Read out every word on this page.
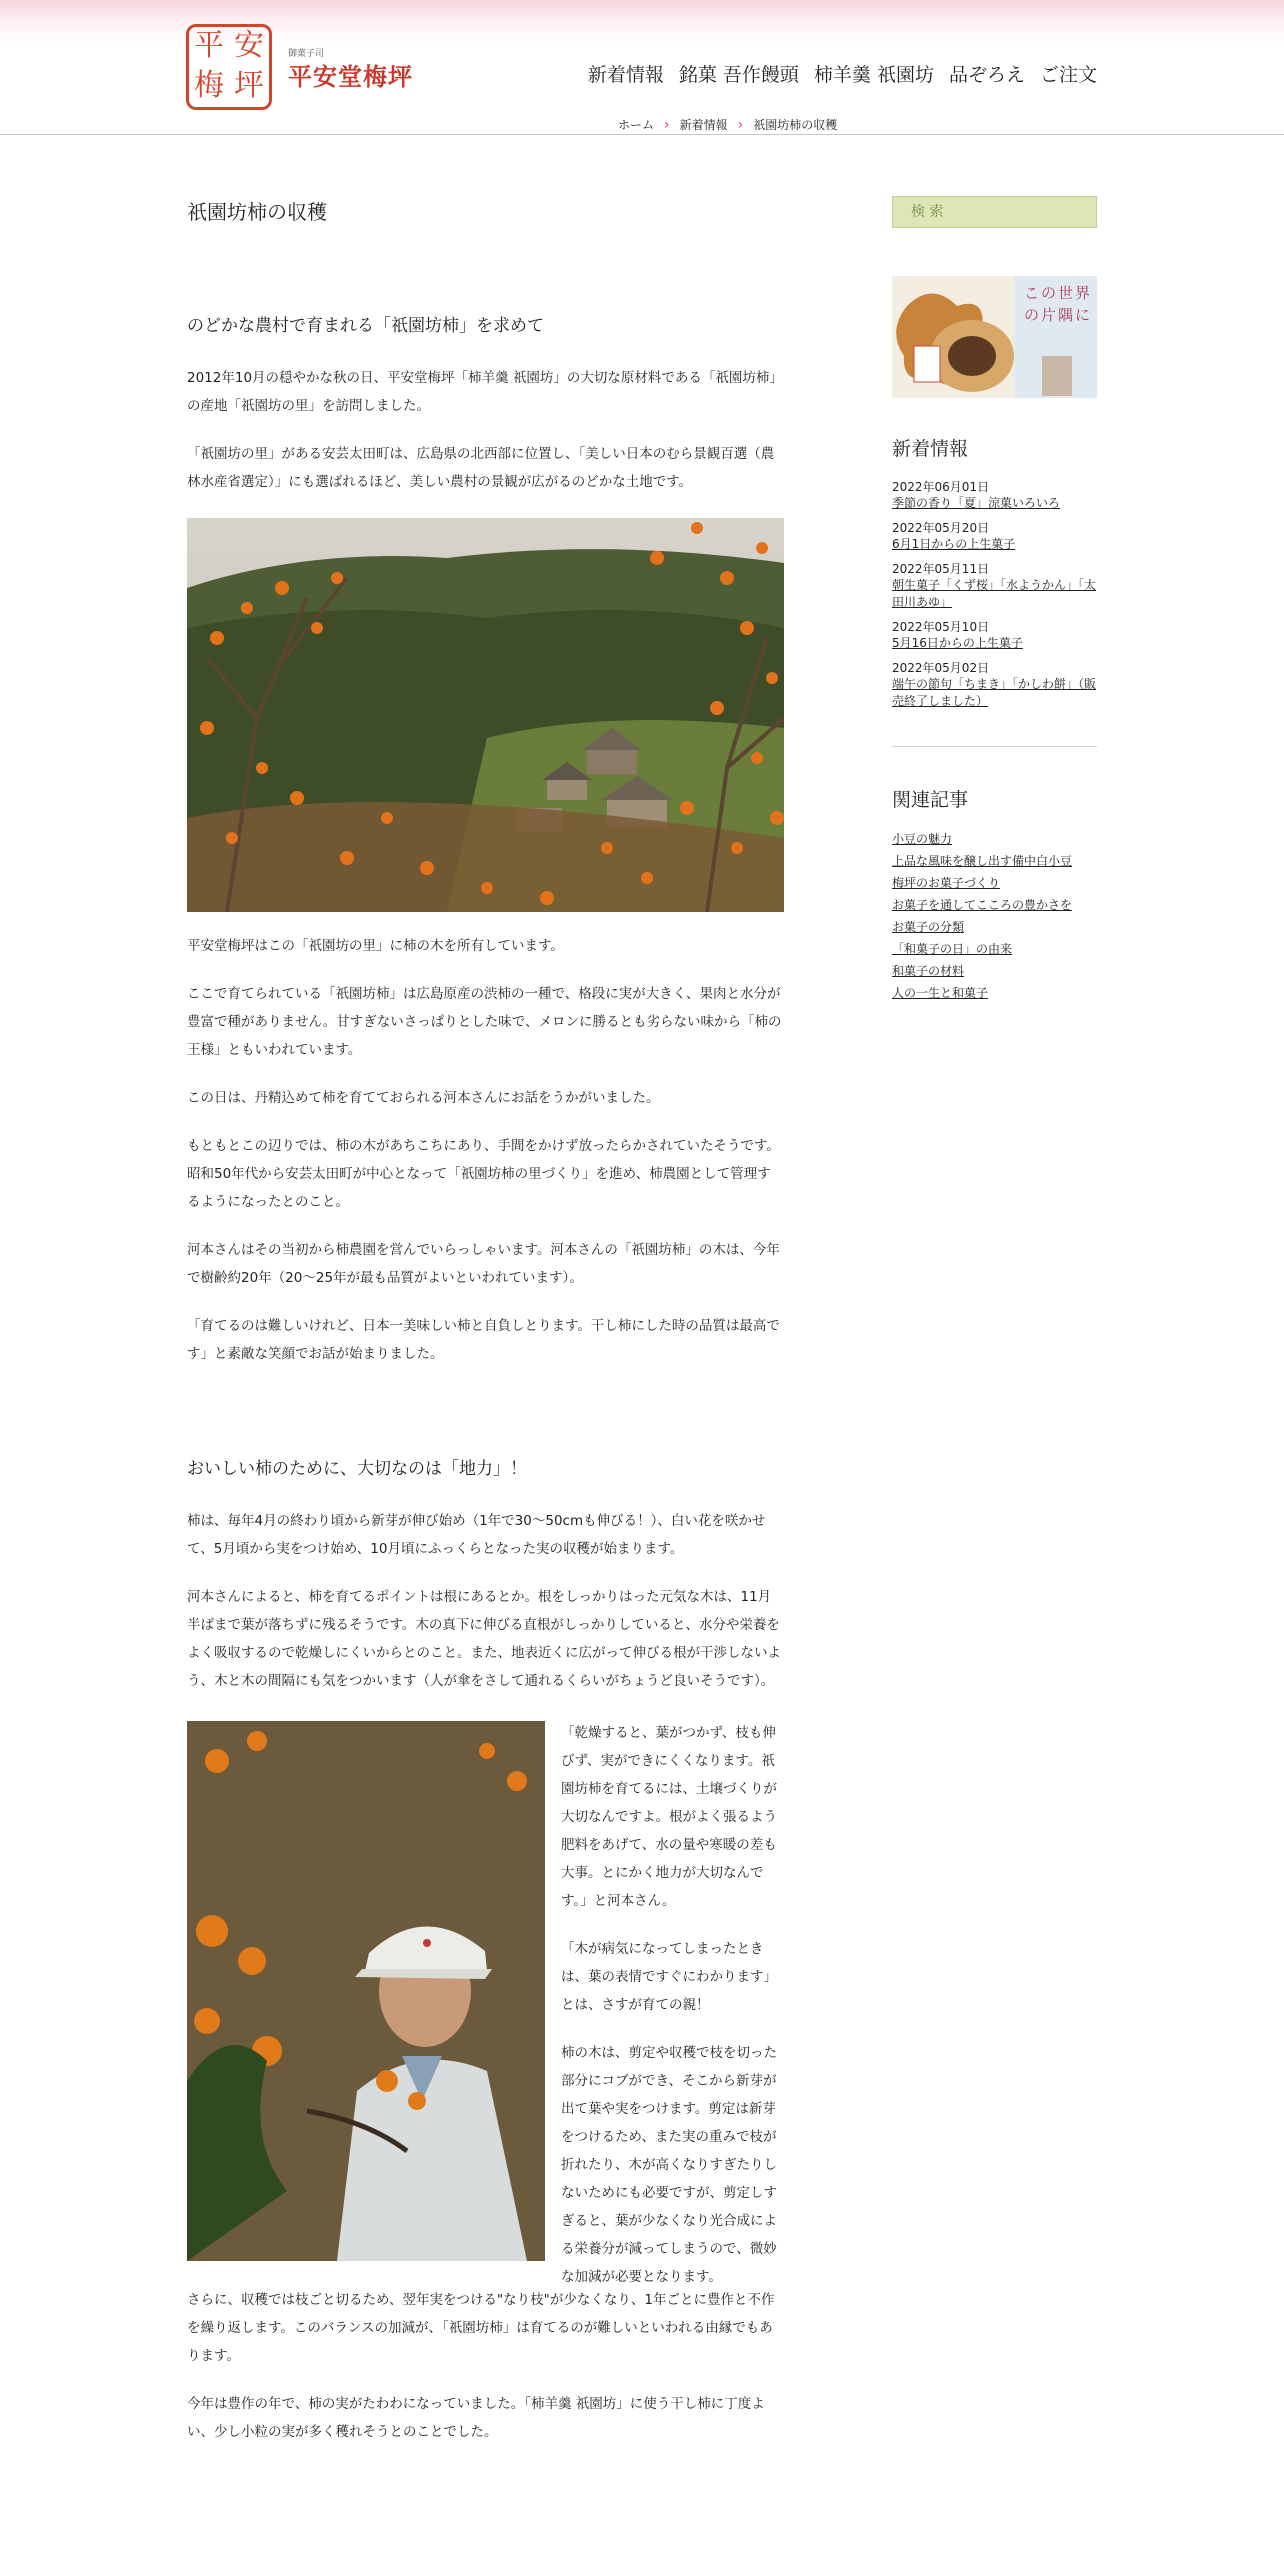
平 安
梅 坪
御菓子司
平安堂梅坪	新着情報 銘菓 吾作饅頭 柿羊羹 祇園坊 品ぞろえ ご注文
ホーム › 新着情報 › 祇園坊柿の収穫
祇園坊柿の収穫
のどかな農村で育まれる「祇園坊柿」を求めて

2012年10月の穏やかな秋の日、平安堂梅坪「柿羊羹 祇園坊」の大切な原材料である「祇園坊柿」の産地「祇園坊の里」を訪問しました。

「祇園坊の里」がある安芸太田町は、広島県の北西部に位置し、「美しい日本のむら景観百選（農林水産省選定）」にも選ばれるほど、美しい農村の景観が広がるのどかな土地です。

平安堂梅坪はこの「祇園坊の里」に柿の木を所有しています。

ここで育てられている「祇園坊柿」は広島原産の渋柿の一種で、格段に実が大きく、果肉と水分が豊富で種がありません。甘すぎないさっぱりとした味で、メロンに勝るとも劣らない味から「柿の王様」ともいわれています。

この日は、丹精込めて柿を育てておられる河本さんにお話をうかがいました。

もともとこの辺りでは、柿の木があちこちにあり、手間をかけず放ったらかされていたそうです。昭和50年代から安芸太田町が中心となって「祇園坊柿の里づくり」を進め、柿農園として管理するようになったとのこと。

河本さんはその当初から柿農園を営んでいらっしゃいます。河本さんの「祇園坊柿」の木は、今年で樹齢約20年（20～25年が最も品質がよいといわれています）。

「育てるのは難しいけれど、日本一美味しい柿と自負しとります。干し柿にした時の品質は最高です」と素敵な笑顔でお話が始まりました。

おいしい柿のために、大切なのは「地力」！

柿は、毎年4月の終わり頃から新芽が伸び始め（1年で30～50cmも伸びる！）、白い花を咲かせて、5月頃から実をつけ始め、10月頃にふっくらとなった実の収穫が始まります。

河本さんによると、柿を育てるポイントは根にあるとか。根をしっかりはった元気な木は、11月半ばまで葉が落ちずに残るそうです。木の真下に伸びる直根がしっかりしていると、水分や栄養をよく吸収するので乾燥しにくいからとのこと。また、地表近くに広がって伸びる根が干渉しないよう、木と木の間隔にも気をつかいます（人が傘をさして通れるくらいがちょうど良いそうです）。

「乾燥すると、葉がつかず、枝も伸びず、実ができにくくなります。祇園坊柿を育てるには、土壌づくりが大切なんですよ。根がよく張るよう肥料をあげて、水の量や寒暖の差も大事。とにかく地力が大切なんです。」と河本さん。

「木が病気になってしまったときは、葉の表情ですぐにわかります」とは、さすが育ての親！

柿の木は、剪定や収穫で枝を切った部分にコブができ、そこから新芽が出て葉や実をつけます。剪定は新芽をつけるため、また実の重みで枝が折れたり、木が高くなりすぎたりしないためにも必要ですが、剪定しすぎると、葉が少なくなり光合成による栄養分が減ってしまうので、微妙な加減が必要となります。

さらに、収穫では枝ごと切るため、翌年実をつける"なり枝"が少なくなり、1年ごとに豊作と不作を繰り返します。このバランスの加減が、「祇園坊柿」は育てるのが難しいといわれる由縁でもあります。

今年は豊作の年で、柿の実がたわわになっていました。「柿羊羹 祇園坊」に使う干し柿に丁度よい、少し小粒の実が多く穫れそうとのことでした。

検 索
この世界の片隅に
新着情報
2022年06月01日
季節の香り「夏」涼菓いろいろ
2022年05月20日
6月1日からの上生菓子
2022年05月11日
朝生菓子「くず桜」「水ようかん」「太田川あゆ」
2022年05月10日
5月16日からの上生菓子
2022年05月02日
端午の節句「ちまき」「かしわ餅」（販売終了しました）
関連記事
小豆の魅力
上品な風味を醸し出す備中白小豆
梅坪のお菓子づくり
お菓子を通してこころの豊かさを
お菓子の分類
「和菓子の日」の由来
和菓子の材料
人の一生と和菓子
